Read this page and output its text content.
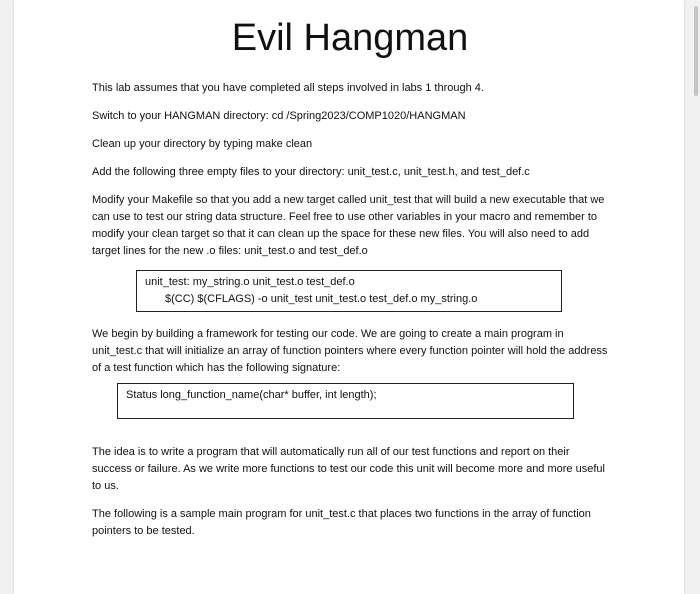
Evil Hangman

This lab assumes that you have completed all steps involved in labs 1 through 4.

Switch to your HANGMAN directory: cd /Spring2023/COMP1020/HANGMAN

Clean up your directory by typing make clean

Add the following three empty files to your directory: unit_test.c, unit_test.h, and test_def.c

Modify your Makefile so that you add a new target called unit_test that will build a new executable that we can use to test our string data structure. Feel free to use other variables in your macro and remember to modify your clean target so that it can clean up the space for these new files. You will also need to add target lines for the new .o files: unit_test.o and test_def.o

unit_test: my_string.o unit_test.o test_def.o
$(CC) $(CFLAGS) -o unit_test unit_test.o test_def.o my_string.o

We begin by building a framework for testing our code. We are going to create a main program in unit_test.c that will initialize an array of function pointers where every function pointer will hold the address of a test function which has the following signature:

Status long_function_name(char* buffer, int length);

The idea is to write a program that will automatically run all of our test functions and report on their success or failure. As we write more functions to test our code this unit will become more and more useful to us.

The following is a sample main program for unit_test.c that places two functions in the array of function pointers to be tested.
